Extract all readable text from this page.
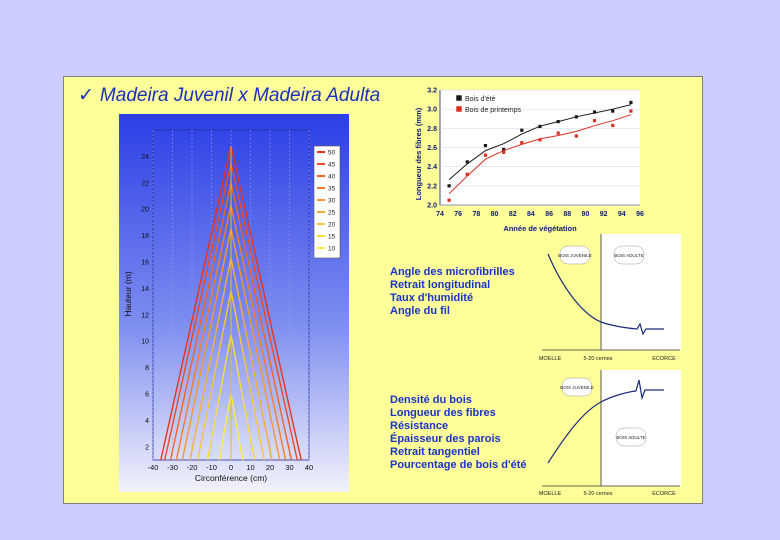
✓ Madeira Juvenil x Madeira Adulta
2
4
6
8
10
12
14
16
18
20
22
24
-40 -30 -20 -10 0 10 20 30 40
Circonférence (cm)
Hauteur (m)
50
45
40
35
30
25
20
15
10
2.0
2.2
2.4
2.6
2.8
3.0
3.2
74 76 78 80 82 84 86 88 90 92 94 96
Année de végétation
Longueur des fibres (mm)
Bois d'été
Bois de printemps
BOIS JUVENILE	BOIS ADULTE
MOELLE	5-20 cernes	ECORCE
Angle des microfibrilles
Retrait longitudinal
Taux d'humidité
Angle du fil
BOIS JUVENILE
BOIS ADULTE
MOELLE	5-20 cernes	ECORCE
Densité du bois
Longueur des fibres
Résistance
Épaisseur des parois
Retrait tangentiel
Pourcentage de bois d'été
